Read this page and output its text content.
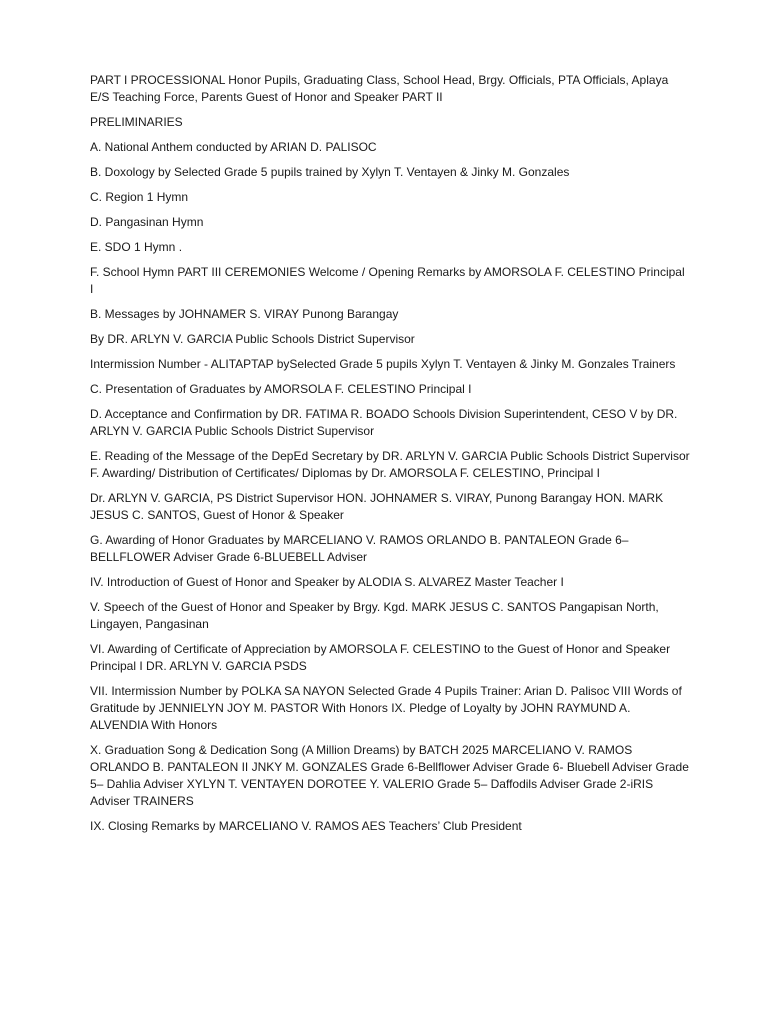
PART I PROCESSIONAL Honor Pupils, Graduating Class, School Head, Brgy. Officials, PTA Officials, Aplaya E/S Teaching Force, Parents Guest of Honor and Speaker PART II

PRELIMINARIES

A. National Anthem conducted by ARIAN D. PALISOC

B. Doxology by Selected Grade 5 pupils trained by Xylyn T. Ventayen & Jinky M. Gonzales

C. Region 1 Hymn

D. Pangasinan Hymn

E. SDO 1 Hymn .

F. School Hymn PART III CEREMONIES Welcome / Opening Remarks by AMORSOLA F. CELESTINO Principal I

B. Messages by JOHNAMER S. VIRAY Punong Barangay

By DR. ARLYN V. GARCIA Public Schools District Supervisor

Intermission Number - ALITAPTAP bySelected Grade 5 pupils Xylyn T. Ventayen & Jinky M. Gonzales Trainers

C. Presentation of Graduates by AMORSOLA F. CELESTINO Principal I

D. Acceptance and Confirmation by DR. FATIMA R. BOADO Schools Division Superintendent, CESO V by DR. ARLYN V. GARCIA Public Schools District Supervisor

E. Reading of the Message of the DepEd Secretary by DR. ARLYN V. GARCIA Public Schools District Supervisor F. Awarding/ Distribution of Certificates/ Diplomas by Dr. AMORSOLA F. CELESTINO, Principal I

Dr. ARLYN V. GARCIA, PS District Supervisor HON. JOHNAMER S. VIRAY, Punong Barangay HON. MARK JESUS C. SANTOS, Guest of Honor & Speaker

G. Awarding of Honor Graduates by MARCELIANO V. RAMOS ORLANDO B. PANTALEON Grade 6– BELLFLOWER Adviser Grade 6-BLUEBELL Adviser

IV. Introduction of Guest of Honor and Speaker by ALODIA S. ALVAREZ Master Teacher I

V. Speech of the Guest of Honor and Speaker by Brgy. Kgd. MARK JESUS C. SANTOS Pangapisan North, Lingayen, Pangasinan

VI. Awarding of Certificate of Appreciation by AMORSOLA F. CELESTINO to the Guest of Honor and Speaker Principal I DR. ARLYN V. GARCIA PSDS

VII. Intermission Number by POLKA SA NAYON Selected Grade 4 Pupils Trainer: Arian D. Palisoc VIII Words of Gratitude by JENNIELYN JOY M. PASTOR With Honors IX. Pledge of Loyalty by JOHN RAYMUND A. ALVENDIA With Honors

X. Graduation Song & Dedication Song (A Million Dreams) by BATCH 2025 MARCELIANO V. RAMOS ORLANDO B. PANTALEON II JNKY M. GONZALES Grade 6-Bellflower Adviser Grade 6- Bluebell Adviser Grade 5– Dahlia Adviser XYLYN T. VENTAYEN DOROTEE Y. VALERIO Grade 5– Daffodils Adviser Grade 2-iRIS Adviser TRAINERS

IX. Closing Remarks by MARCELIANO V. RAMOS AES Teachers’ Club President
